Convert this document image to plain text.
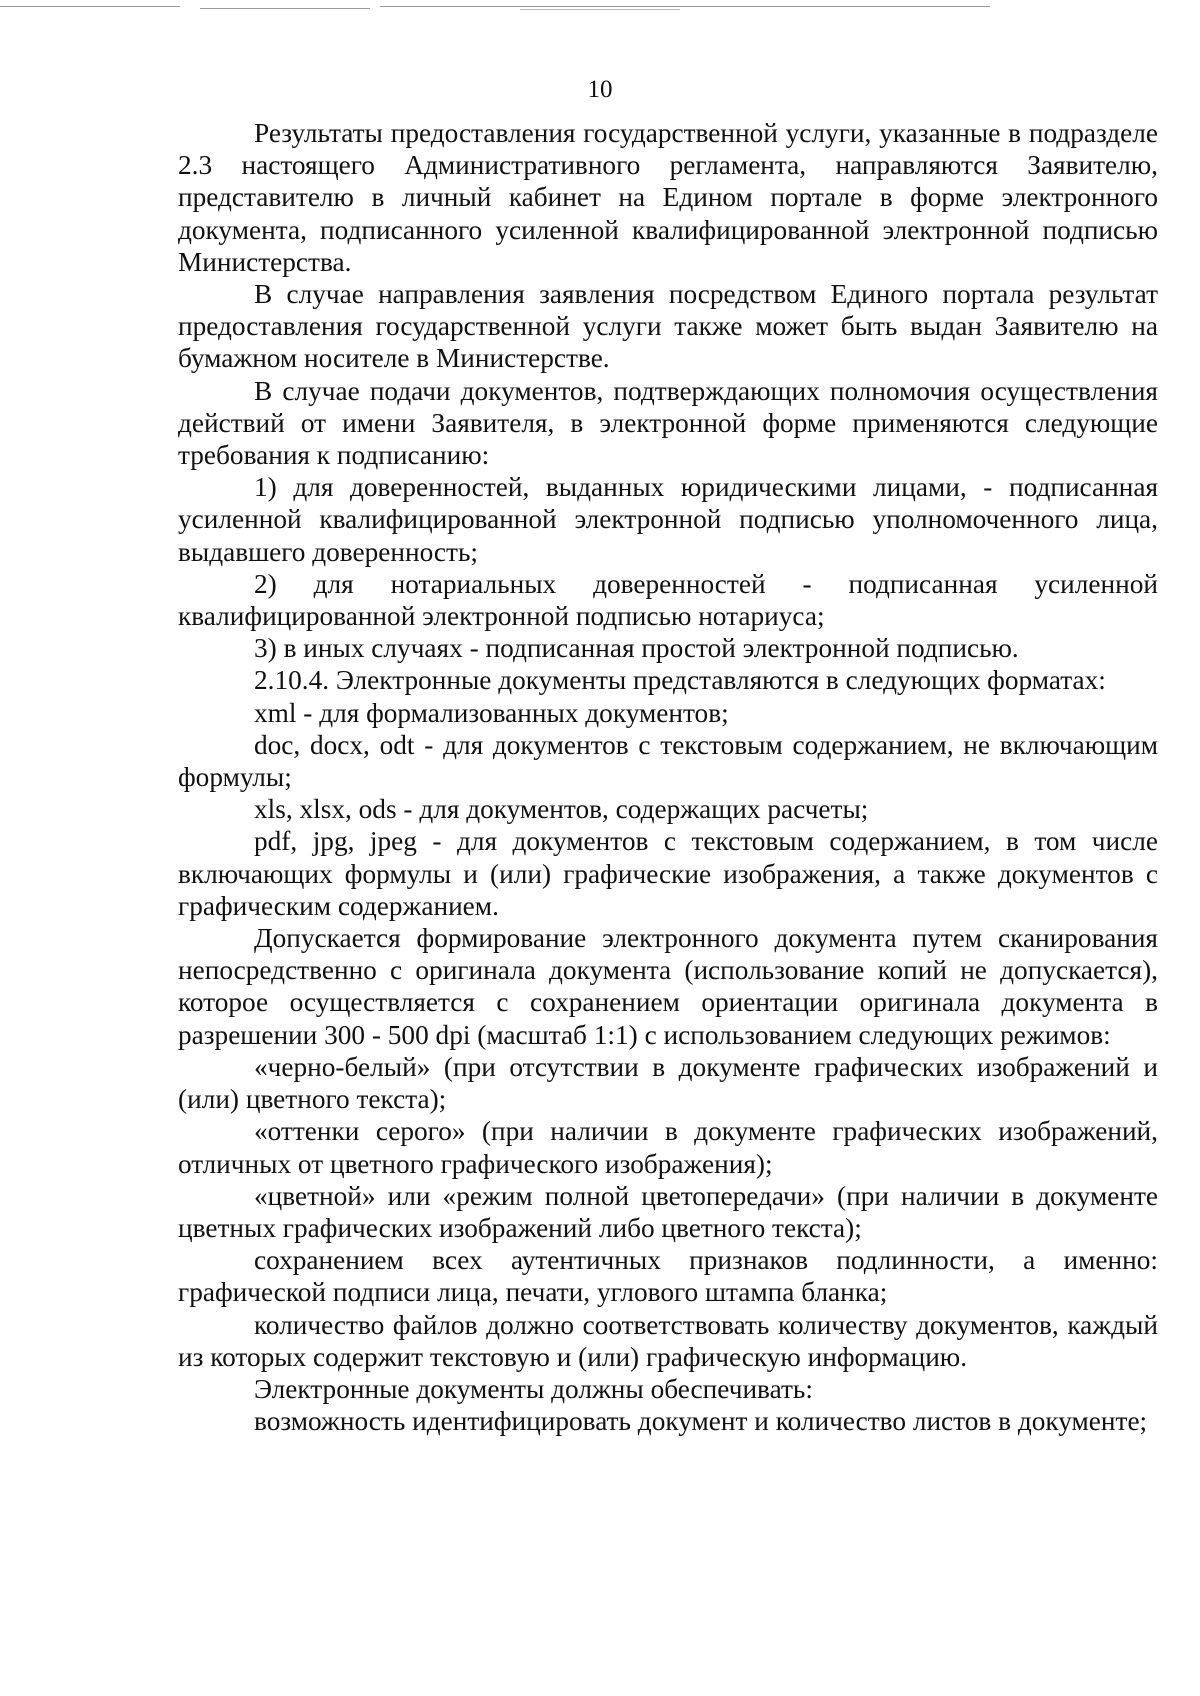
10

Результаты предоставления государственной услуги, указанные в подразделе 2.3 настоящего Административного регламента, направляются Заявителю, представителю в личный кабинет на Едином портале в форме электронного документа, подписанного усиленной квалифицированной электронной подписью Министерства.

В случае направления заявления посредством Единого портала результат предоставления государственной услуги также может быть выдан Заявителю на бумажном носителе в Министерстве.

В случае подачи документов, подтверждающих полномочия осуществления действий от имени Заявителя, в электронной форме применяются следующие требования к подписанию:

1) для доверенностей, выданных юридическими лицами, - подписанная усиленной квалифицированной электронной подписью уполномоченного лица, выдавшего доверенность;

2) для нотариальных доверенностей - подписанная усиленной квалифицированной электронной подписью нотариуса;

3) в иных случаях - подписанная простой электронной подписью.

2.10.4. Электронные документы представляются в следующих форматах:

xml - для формализованных документов;

doc, docx, odt - для документов с текстовым содержанием, не включающим формулы;

xls, xlsx, ods - для документов, содержащих расчеты;

pdf, jpg, jpeg - для документов с текстовым содержанием, в том числе включающих формулы и (или) графические изображения, а также документов с графическим содержанием.

Допускается формирование электронного документа путем сканирования непосредственно с оригинала документа (использование копий не допускается), которое осуществляется с сохранением ориентации оригинала документа в разрешении 300 - 500 dpi (масштаб 1:1) с использованием следующих режимов:

«черно-белый» (при отсутствии в документе графических изображений и (или) цветного текста);

«оттенки серого» (при наличии в документе графических изображений, отличных от цветного графического изображения);

«цветной» или «режим полной цветопередачи» (при наличии в документе цветных графических изображений либо цветного текста);

сохранением всех аутентичных признаков подлинности, а именно: графической подписи лица, печати, углового штампа бланка;

количество файлов должно соответствовать количеству документов, каждый из которых содержит текстовую и (или) графическую информацию.

Электронные документы должны обеспечивать:

возможность идентифицировать документ и количество листов в документе;
